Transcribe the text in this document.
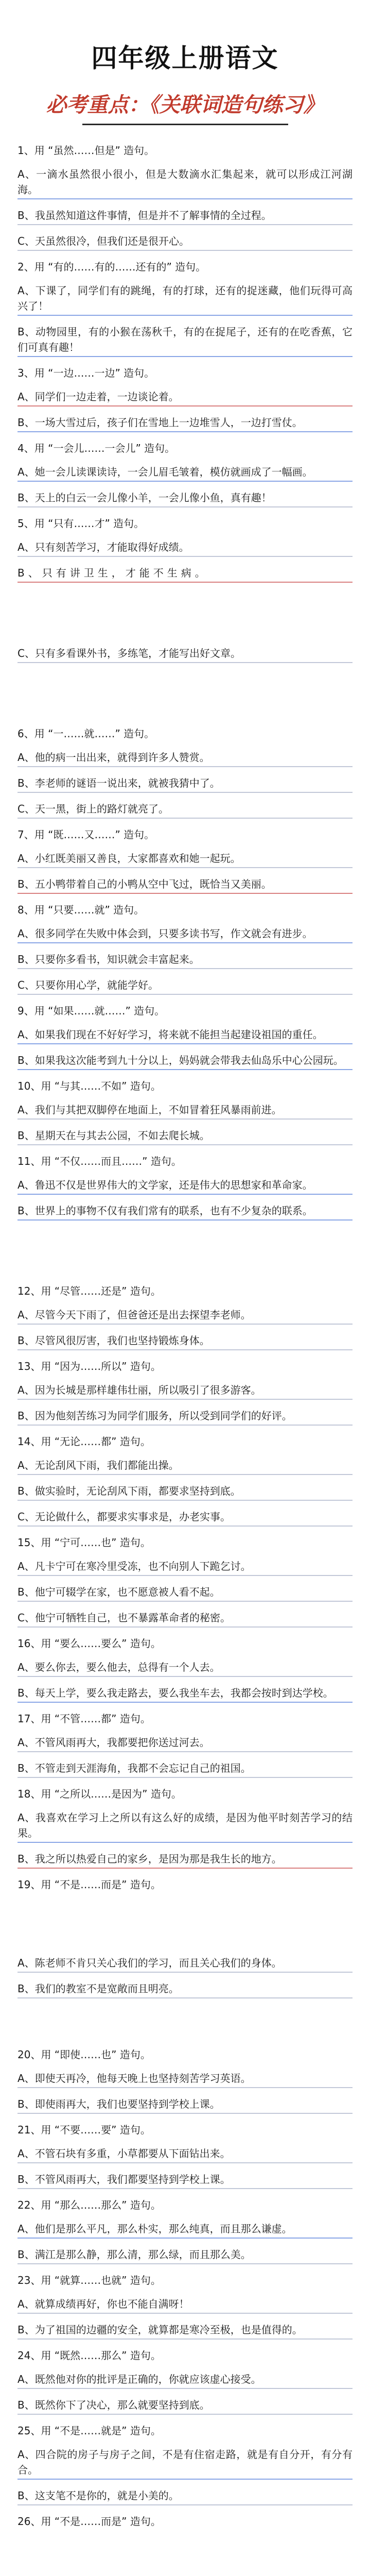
四年级上册语文
必考重点：《关联词造句练习》
1、用 “虽然……但是” 造句。
A、一滴水虽然很小很小，但是大数滴水汇集起来，就可以形成江河湖海。
B、我虽然知道这件事情，但是并不了解事情的全过程。
C、天虽然很冷，但我们还是很开心。
2、用 “有的……有的……还有的” 造句。
A、下课了，同学们有的跳绳，有的打球，还有的捉迷藏，他们玩得可高兴了！
B、动物园里，有的小猴在荡秋千，有的在捉尾子，还有的在吃香蕉，它们可真有趣！
3、用 “一边……一边” 造句。
A、同学们一边走着，一边谈论着。
B、一场大雪过后，孩子们在雪地上一边堆雪人，一边打雪仗。
4、用 “一会儿……一会儿” 造句。
A、她一会儿读课读诗，一会儿眉毛皱着，模仿就画成了一幅画。
B、天上的白云一会儿像小羊，一会儿像小鱼，真有趣！
5、用 “只有……才” 造句。
A、只有刻苦学习，才能取得好成绩。
B、只有讲卫生，才能不生病。
C、只有多看课外书，多练笔，才能写出好文章。
6、用 “一……就……” 造句。
A、他的病一出出来，就得到许多人赞赏。
B、李老师的谜语一说出来，就被我猜中了。
C、天一黑，街上的路灯就亮了。
7、用 “既……又……” 造句。
A、小红既美丽又善良，大家都喜欢和她一起玩。
B、五小鸭带着自己的小鸭从空中飞过，既恰当又美丽。
8、用 “只要……就” 造句。
A、很多同学在失败中体会到，只要多读书写，作文就会有进步。
B、只要你多看书，知识就会丰富起来。
C、只要你用心学，就能学好。
9、用 “如果……就……” 造句。
A、如果我们现在不好好学习，将来就不能担当起建设祖国的重任。
B、如果我这次能考到九十分以上，妈妈就会带我去仙岛乐中心公园玩。
10、用 “与其……不如” 造句。
A、我们与其把双脚停在地面上，不如冒着狂风暴雨前进。
B、星期天在与其去公园，不如去爬长城。
11、用 “不仅……而且……” 造句。
A、鲁迅不仅是世界伟大的文学家，还是伟大的思想家和革命家。
B、世界上的事物不仅有我们常有的联系，也有不少复杂的联系。
12、用 “尽管……还是” 造句。
A、尽管今天下雨了，但爸爸还是出去探望李老师。
B、尽管风很厉害，我们也坚持锻炼身体。
13、用 “因为……所以” 造句。
A、因为长城是那样雄伟壮丽，所以吸引了很多游客。
B、因为他刻苦练习为同学们服务，所以受到同学们的好评。
14、用 “无论……都” 造句。
A、无论刮风下雨，我们都能出操。
B、做实验时，无论刮风下雨，都要求坚持到底。
C、无论做什么，都要求实事求是，办老实事。
15、用 “宁可……也” 造句。
A、凡卡宁可在寒冷里受冻，也不向别人下跪乞讨。
B、他宁可辍学在家，也不愿意被人看不起。
C、他宁可牺牲自己，也不暴露革命者的秘密。
16、用 “要么……要么” 造句。
A、要么你去，要么他去，总得有一个人去。
B、每天上学，要么我走路去，要么我坐车去，我都会按时到达学校。
17、用 “不管……都” 造句。
A、不管风雨再大，我都要把你送过河去。
B、不管走到天涯海角，我都不会忘记自己的祖国。
18、用 “之所以……是因为” 造句。
A、我喜欢在学习上之所以有这么好的成绩，是因为他平时刻苦学习的结果。
B、我之所以热爱自己的家乡，是因为那是我生长的地方。
19、用 “不是……而是” 造句。
A、陈老师不肯只关心我们的学习，而且关心我们的身体。
B、我们的教室不是宽敞而且明亮。
20、用 “即使……也” 造句。
A、即使天再冷，他每天晚上也坚持刻苦学习英语。
B、即使雨再大，我们也要坚持到学校上课。
21、用 “不要……要” 造句。
A、不管石块有多重，小草都要从下面钻出来。
B、不管风雨再大，我们都要坚持到学校上课。
22、用 “那么……那么” 造句。
A、他们是那么平凡，那么朴实，那么纯真，而且那么谦虚。
B、满江是那么静，那么清，那么绿，而且那么美。
23、用 “就算……也就” 造句。
A、就算成绩再好，你也不能自满呀！
B、为了祖国的边疆的安全，就算都是寒冷至极，也是值得的。
24、用 “既然……那么” 造句。
A、既然他对你的批评是正确的，你就应该虚心接受。
B、既然你下了决心，那么就要坚持到底。
25、用 “不是……就是” 造句。
A、四合院的房子与房子之间，不是有住宿走路，就是有自分开，有分有合。
B、这支笔不是你的，就是小美的。
26、用 “不是……而是” 造句。
